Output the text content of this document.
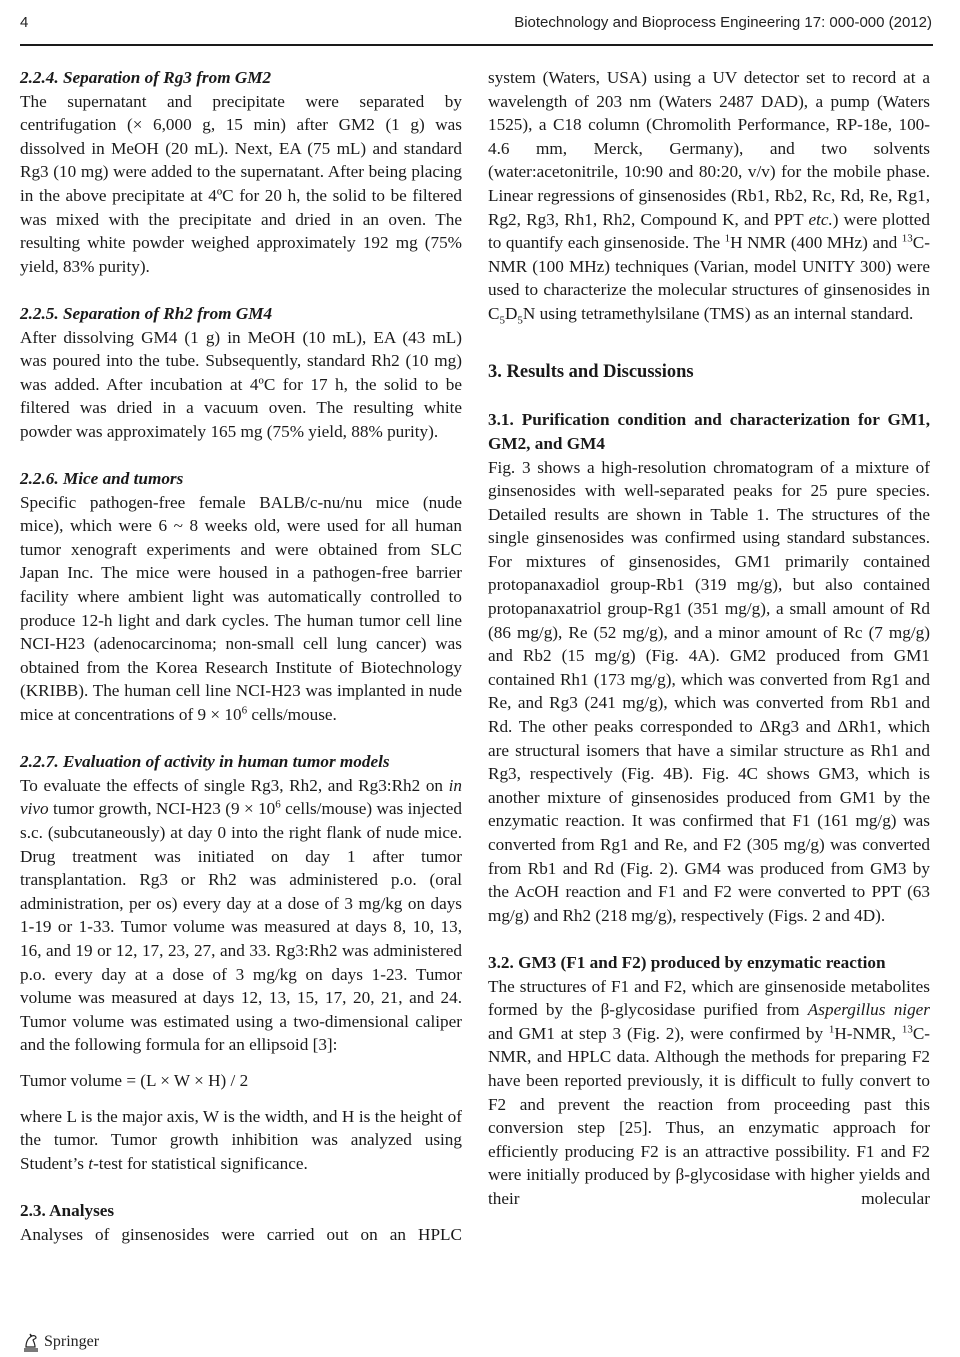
4	Biotechnology and Bioprocess Engineering 17: 000-000 (2012)

2.2.4. Separation of Rg3 from GM2

The supernatant and precipitate were separated by centrifugation (× 6,000 g, 15 min) after GM2 (1 g) was dissolved in MeOH (20 mL). Next, EA (75 mL) and standard Rg3 (10 mg) were added to the supernatant. After being placing in the above precipitate at 4ºC for 20 h, the solid to be filtered was mixed with the precipitate and dried in an oven. The resulting white powder weighed approximately 192 mg (75% yield, 83% purity).

2.2.5. Separation of Rh2 from GM4

After dissolving GM4 (1 g) in MeOH (10 mL), EA (43 mL) was poured into the tube. Subsequently, standard Rh2 (10 mg) was added. After incubation at 4ºC for 17 h, the solid to be filtered was dried in a vacuum oven. The resulting white powder was approximately 165 mg (75% yield, 88% purity).

2.2.6. Mice and tumors

Specific pathogen-free female BALB/c-nu/nu mice (nude mice), which were 6 ~ 8 weeks old, were used for all human tumor xenograft experiments and were obtained from SLC Japan Inc. The mice were housed in a pathogen-free barrier facility where ambient light was automatically controlled to produce 12-h light and dark cycles. The human tumor cell line NCI-H23 (adenocarcinoma; non-small cell lung cancer) was obtained from the Korea Research Institute of Biotechnology (KRIBB). The human cell line NCI-H23 was implanted in nude mice at concentrations of $9 \times 10^6$ cells/mouse.

2.2.7. Evaluation of activity in human tumor models

To evaluate the effects of single Rg3, Rh2, and Rg3:Rh2 on in vivo tumor growth, NCI-H23 ($9 \times 10^6$ cells/mouse) was injected s.c. (subcutaneously) at day 0 into the right flank of nude mice. Drug treatment was initiated on day 1 after tumor transplantation. Rg3 or Rh2 was administered p.o. (oral administration, per os) every day at a dose of 3 mg/kg on days 1-19 or 1-33. Tumor volume was measured at days 8, 10, 13, 16, and 19 or 12, 17, 23, 27, and 33. Rg3:Rh2 was administered p.o. every day at a dose of 3 mg/kg on days 1-23. Tumor volume was measured at days 12, 13, 15, 17, 20, 21, and 24. Tumor volume was estimated using a two-dimensional caliper and the following formula for an ellipsoid [3]:

Tumor volume = (L × W × H) / 2

where L is the major axis, W is the width, and H is the height of the tumor. Tumor growth inhibition was analyzed using Student’s t-test for statistical significance.

2.3. Analyses

Analyses of ginsenosides were carried out on an HPLC

system (Waters, USA) using a UV detector set to record at a wavelength of 203 nm (Waters 2487 DAD), a pump (Waters 1525), a C18 column (Chromolith Performance, RP-18e, 100-4.6 mm, Merck, Germany), and two solvents (water:acetonitrile, 10:90 and 80:20, v/v) for the mobile phase. Linear regressions of ginsenosides (Rb1, Rb2, Rc, Rd, Re, Rg1, Rg2, Rg3, Rh1, Rh2, Compound K, and PPT etc.) were plotted to quantify each ginsenoside. The $^1$H NMR (400 MHz) and $^{13}$C-NMR (100 MHz) techniques (Varian, model UNITY 300) were used to characterize the molecular structures of ginsenosides in $C_5D_5N$ using tetramethylsilane (TMS) as an internal standard.

3. Results and Discussions

3.1. Purification condition and characterization for GM1, GM2, and GM4

Fig. 3 shows a high-resolution chromatogram of a mixture of ginsenosides with well-separated peaks for 25 pure species. Detailed results are shown in Table 1. The structures of the single ginsenosides was confirmed using standard substances. For mixtures of ginsenosides, GM1 primarily contained protopanaxadiol group-Rb1 (319 mg/g), but also contained protopanaxatriol group-Rg1 (351 mg/g), a small amount of Rd (86 mg/g), Re (52 mg/g), and a minor amount of Rc (7 mg/g) and Rb2 (15 mg/g) (Fig. 4A). GM2 produced from GM1 contained Rh1 (173 mg/g), which was converted from Rg1 and Re, and Rg3 (241 mg/g), which was converted from Rb1 and Rd. The other peaks corresponded to ΔRg3 and ΔRh1, which are structural isomers that have a similar structure as Rh1 and Rg3, respectively (Fig. 4B). Fig. 4C shows GM3, which is another mixture of ginsenosides produced from GM1 by the enzymatic reaction. It was confirmed that F1 (161 mg/g) was converted from Rg1 and Re, and F2 (305 mg/g) was converted from Rb1 and Rd (Fig. 2). GM4 was produced from GM3 by the AcOH reaction and F1 and F2 were converted to PPT (63 mg/g) and Rh2 (218 mg/g), respectively (Figs. 2 and 4D).

3.2. GM3 (F1 and F2) produced by enzymatic reaction

The structures of F1 and F2, which are ginsenoside metabolites formed by the β-glycosidase purified from Aspergillus niger and GM1 at step 3 (Fig. 2), were confirmed by $^1$H-NMR, $^{13}$C-NMR, and HPLC data. Although the methods for preparing F2 have been reported previously, it is difficult to fully convert to F2 and prevent the reaction from proceeding past this conversion step [25]. Thus, an enzymatic approach for efficiently producing F2 is an attractive possibility. F1 and F2 were initially produced by β-glycosidase with higher yields and their molecular

Springer
